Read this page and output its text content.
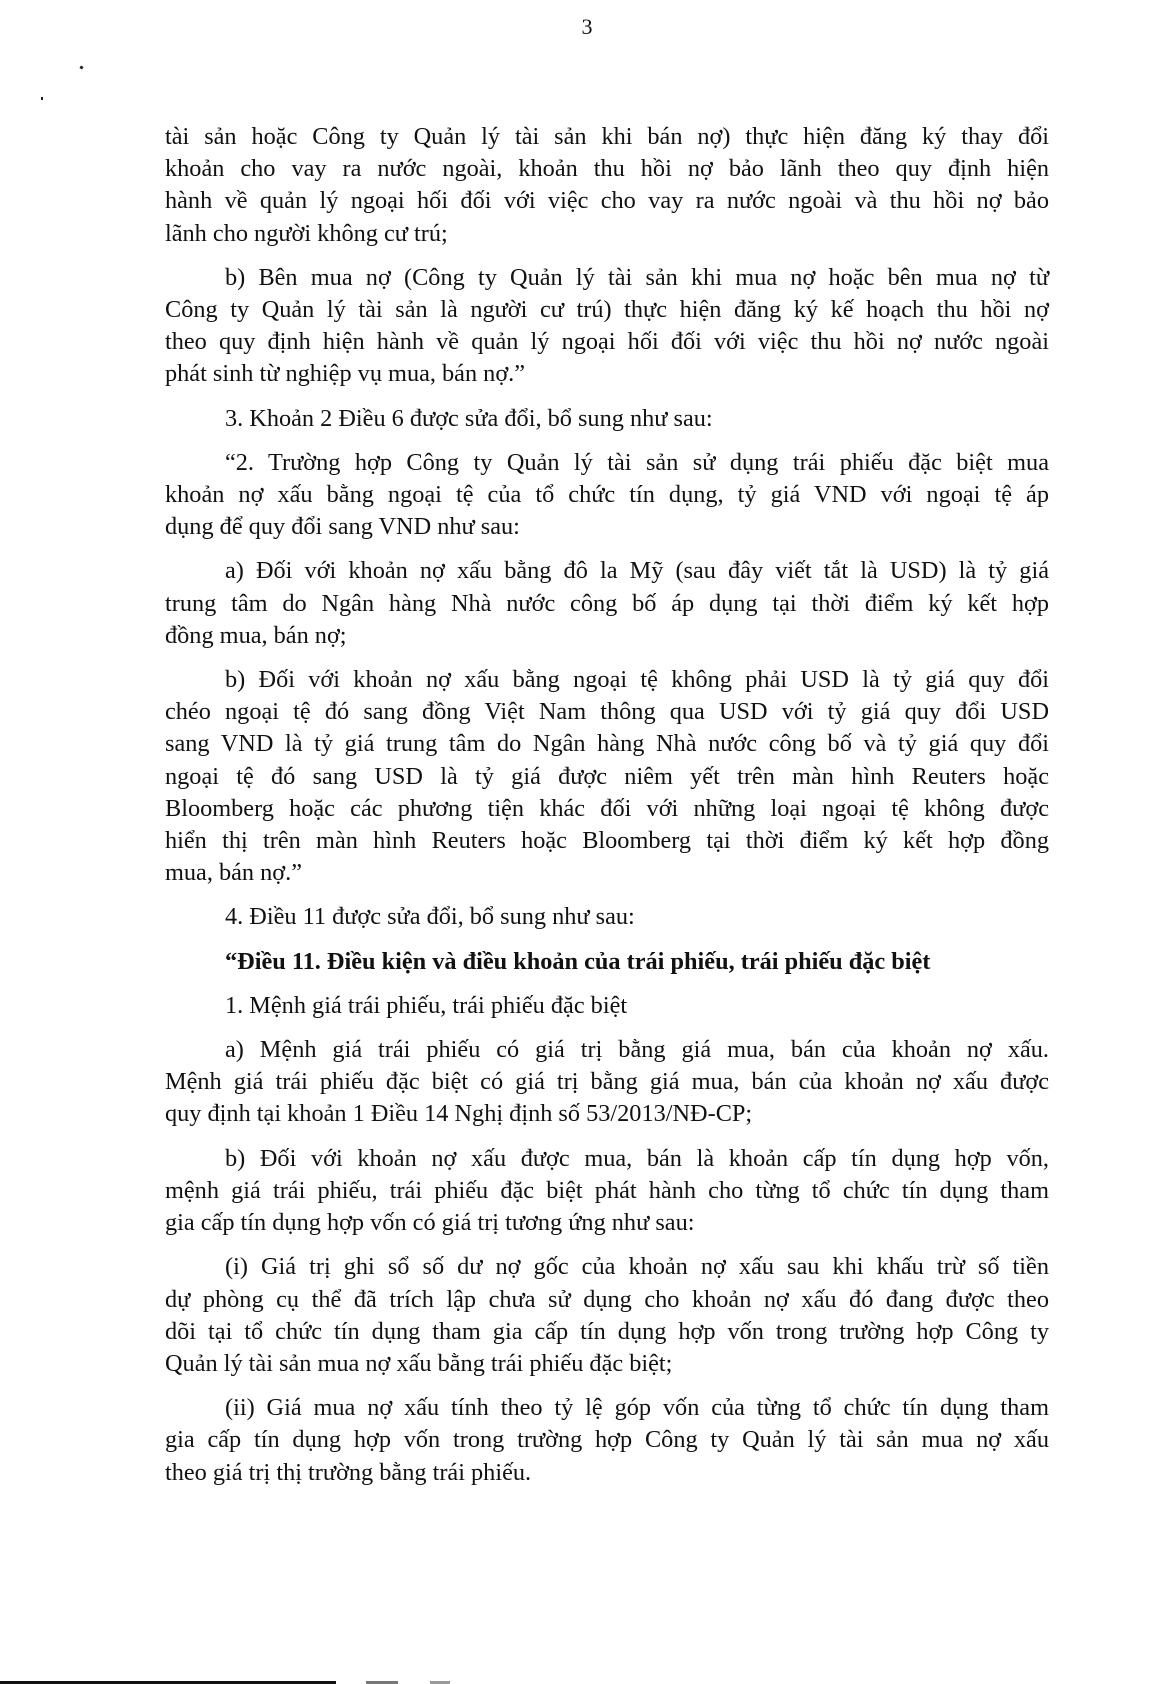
3
tài sản hoặc Công ty Quản lý tài sản khi bán nợ) thực hiện đăng ký thay đổi
khoản cho vay ra nước ngoài, khoản thu hồi nợ bảo lãnh theo quy định hiện
hành về quản lý ngoại hối đối với việc cho vay ra nước ngoài và thu hồi nợ bảo
lãnh cho người không cư trú;
b) Bên mua nợ (Công ty Quản lý tài sản khi mua nợ hoặc bên mua nợ từ
Công ty Quản lý tài sản là người cư trú) thực hiện đăng ký kế hoạch thu hồi nợ
theo quy định hiện hành về quản lý ngoại hối đối với việc thu hồi nợ nước ngoài
phát sinh từ nghiệp vụ mua, bán nợ.”
3. Khoản 2 Điều 6 được sửa đổi, bổ sung như sau:
“2. Trường hợp Công ty Quản lý tài sản sử dụng trái phiếu đặc biệt mua
khoản nợ xấu bằng ngoại tệ của tổ chức tín dụng, tỷ giá VND với ngoại tệ áp
dụng để quy đổi sang VND như sau:
a) Đối với khoản nợ xấu bằng đô la Mỹ (sau đây viết tắt là USD) là tỷ giá
trung tâm do Ngân hàng Nhà nước công bố áp dụng tại thời điểm ký kết hợp
đồng mua, bán nợ;
b) Đối với khoản nợ xấu bằng ngoại tệ không phải USD là tỷ giá quy đổi
chéo ngoại tệ đó sang đồng Việt Nam thông qua USD với tỷ giá quy đổi USD
sang VND là tỷ giá trung tâm do Ngân hàng Nhà nước công bố và tỷ giá quy đổi
ngoại tệ đó sang USD là tỷ giá được niêm yết trên màn hình Reuters hoặc
Bloomberg hoặc các phương tiện khác đối với những loại ngoại tệ không được
hiển thị trên màn hình Reuters hoặc Bloomberg tại thời điểm ký kết hợp đồng
mua, bán nợ.”
4. Điều 11 được sửa đổi, bổ sung như sau:
“Điều 11. Điều kiện và điều khoản của trái phiếu, trái phiếu đặc biệt
1. Mệnh giá trái phiếu, trái phiếu đặc biệt
a) Mệnh giá trái phiếu có giá trị bằng giá mua, bán của khoản nợ xấu.
Mệnh giá trái phiếu đặc biệt có giá trị bằng giá mua, bán của khoản nợ xấu được
quy định tại khoản 1 Điều 14 Nghị định số 53/2013/NĐ-CP;
b) Đối với khoản nợ xấu được mua, bán là khoản cấp tín dụng hợp vốn,
mệnh giá trái phiếu, trái phiếu đặc biệt phát hành cho từng tổ chức tín dụng tham
gia cấp tín dụng hợp vốn có giá trị tương ứng như sau:
(i) Giá trị ghi sổ số dư nợ gốc của khoản nợ xấu sau khi khấu trừ số tiền
dự phòng cụ thể đã trích lập chưa sử dụng cho khoản nợ xấu đó đang được theo
dõi tại tổ chức tín dụng tham gia cấp tín dụng hợp vốn trong trường hợp Công ty
Quản lý tài sản mua nợ xấu bằng trái phiếu đặc biệt;
(ii) Giá mua nợ xấu tính theo tỷ lệ góp vốn của từng tổ chức tín dụng tham
gia cấp tín dụng hợp vốn trong trường hợp Công ty Quản lý tài sản mua nợ xấu
theo giá trị thị trường bằng trái phiếu.
